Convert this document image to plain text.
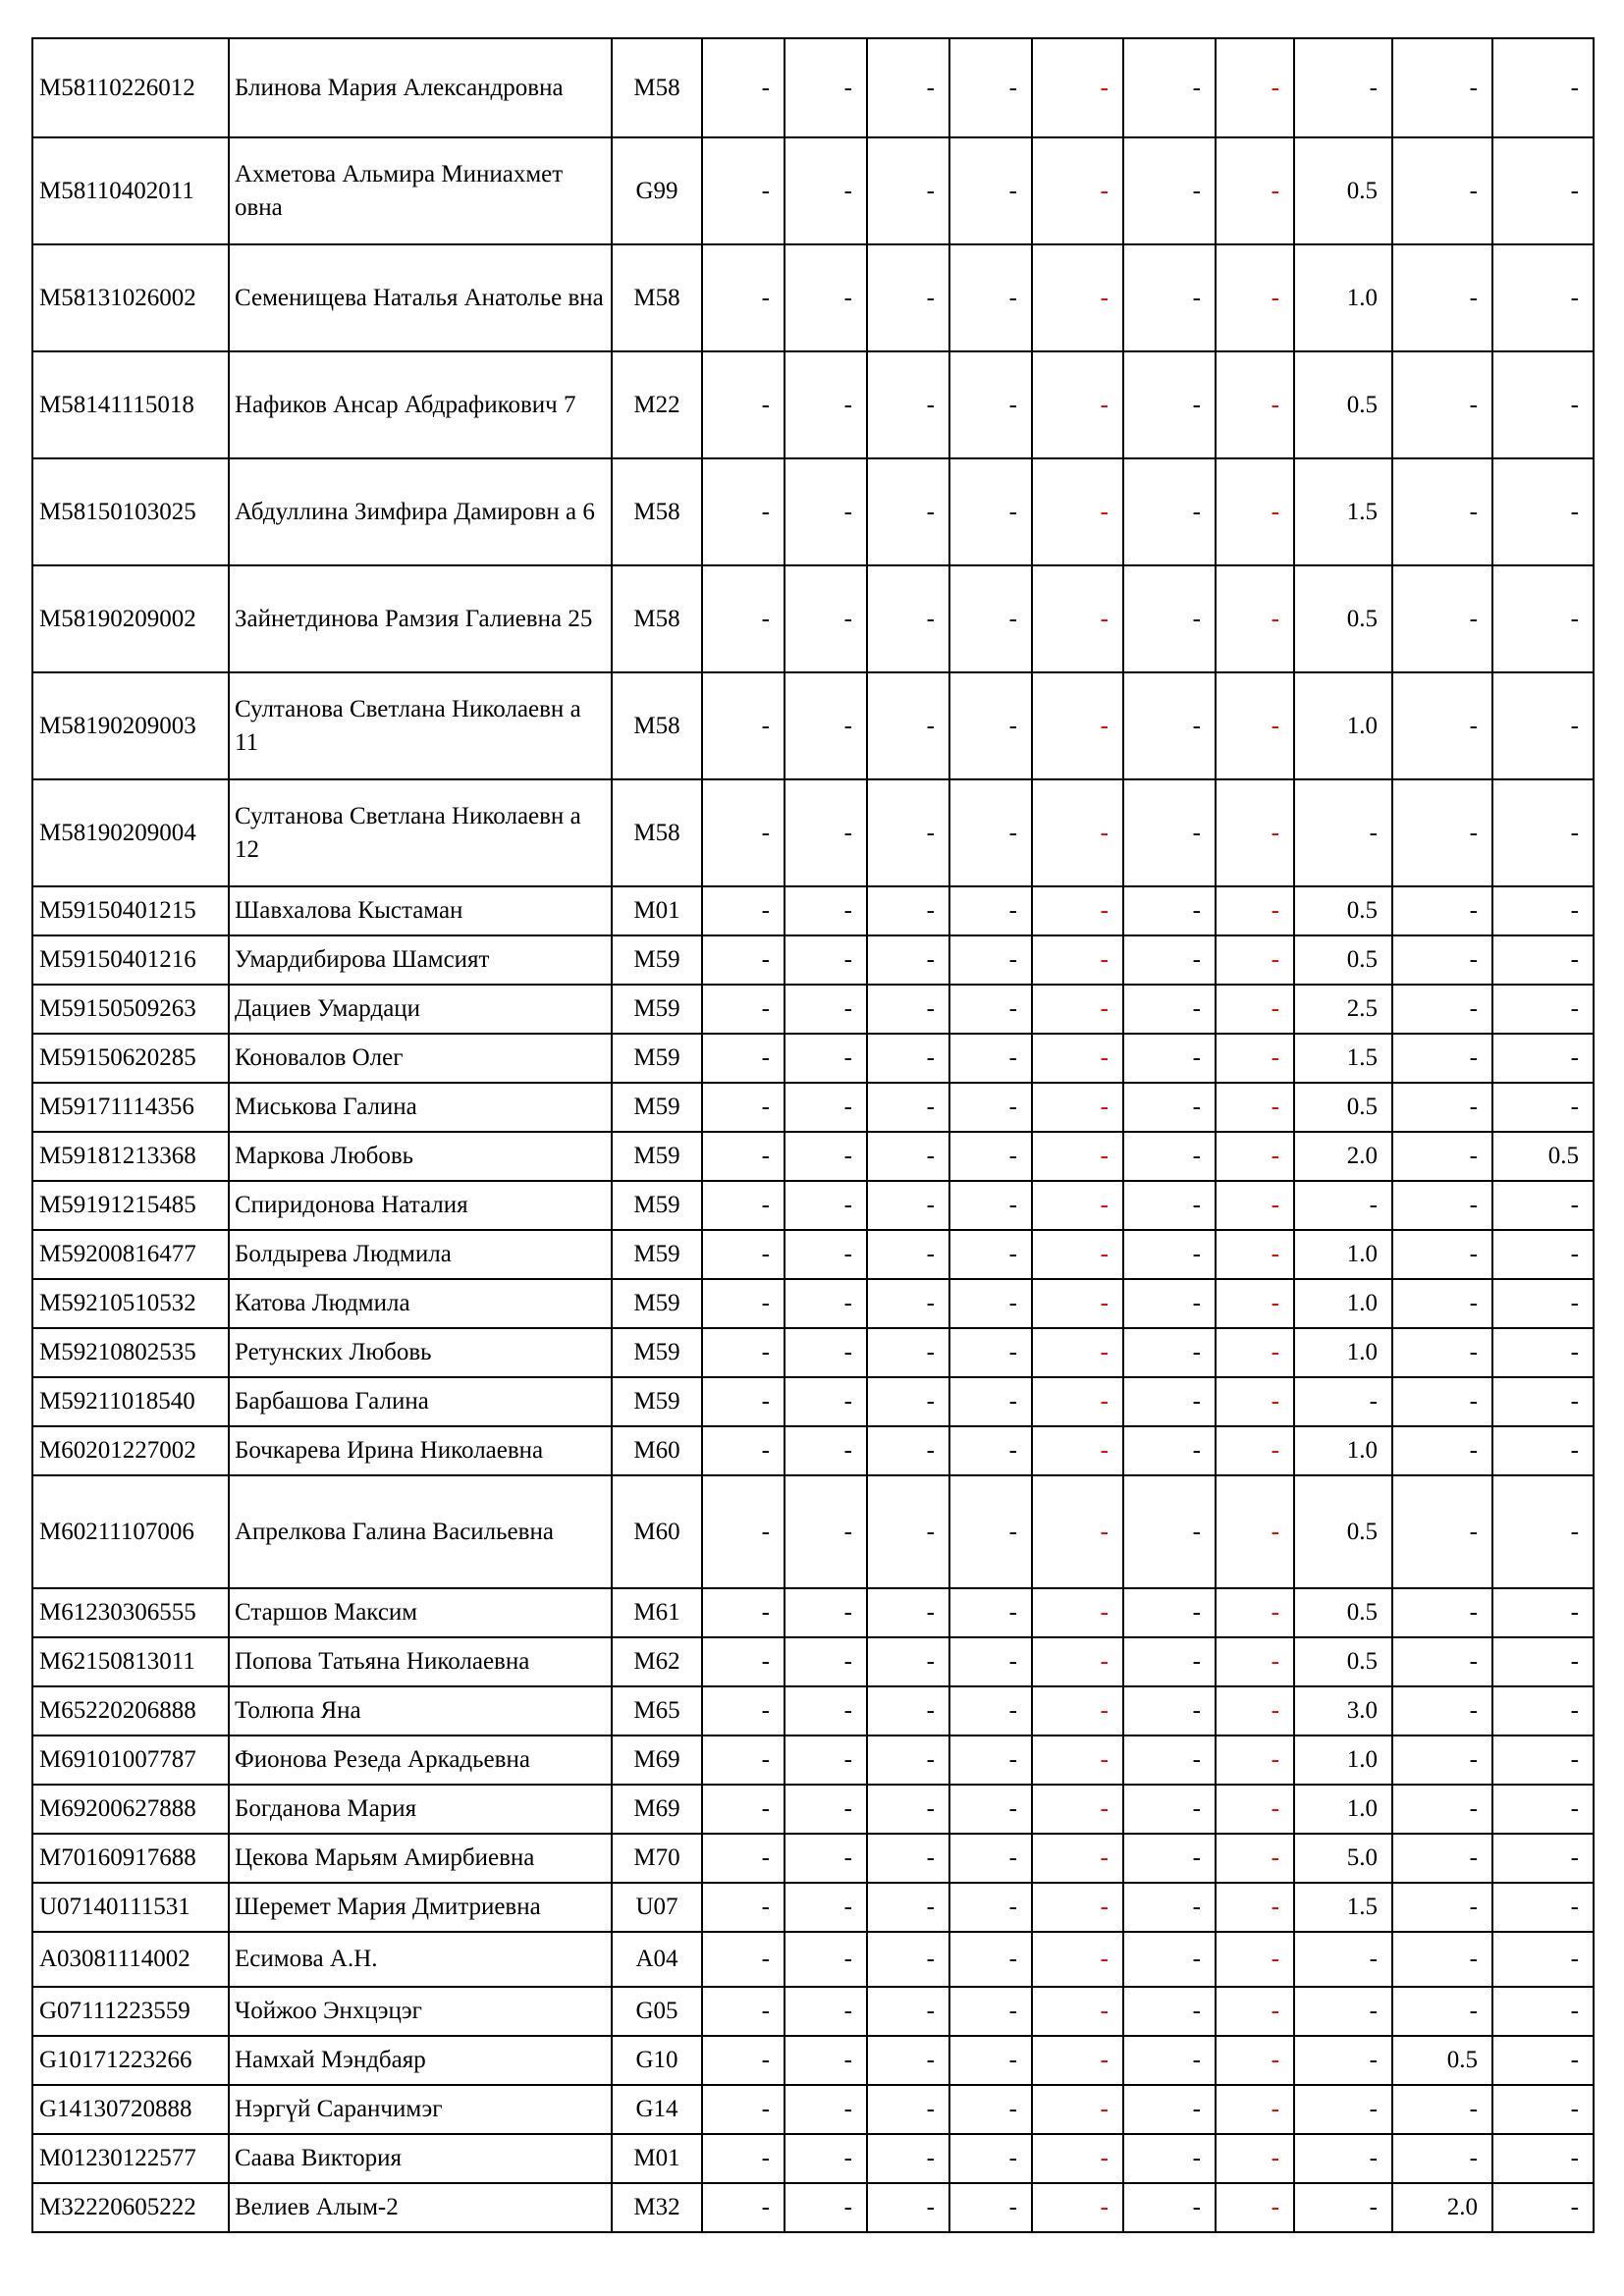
M58110226012	Блинова Мария Александровна	M58	-	-	-	-	-	-	-	-	-	-
M58110402011	Ахметова Альмира Миниахмет овна	G99	-	-	-	-	-	-	-	0.5	-	-
M58131026002	Семенищева Наталья Анатолье вна	M58	-	-	-	-	-	-	-	1.0	-	-
M58141115018	Нафиков Ансар Абдрафикович 7	M22	-	-	-	-	-	-	-	0.5	-	-
M58150103025	Абдуллина Зимфира Дамировн а 6	M58	-	-	-	-	-	-	-	1.5	-	-
M58190209002	Зайнетдинова Рамзия Галиевна 25	M58	-	-	-	-	-	-	-	0.5	-	-
M58190209003	Султанова Светлана Николаевн а 11	M58	-	-	-	-	-	-	-	1.0	-	-
M58190209004	Султанова Светлана Николаевн а 12	M58	-	-	-	-	-	-	-	-	-	-
M59150401215	Шавхалова Кыстаман	M01	-	-	-	-	-	-	-	0.5	-	-
M59150401216	Умардибирова Шамсият	M59	-	-	-	-	-	-	-	0.5	-	-
M59150509263	Дациев Умардаци	M59	-	-	-	-	-	-	-	2.5	-	-
M59150620285	Коновалов Олег	M59	-	-	-	-	-	-	-	1.5	-	-
M59171114356	Миськова Галина	M59	-	-	-	-	-	-	-	0.5	-	-
M59181213368	Маркова Любовь	M59	-	-	-	-	-	-	-	2.0	-	0.5
M59191215485	Спиридонова Наталия	M59	-	-	-	-	-	-	-	-	-	-
M59200816477	Болдырева Людмила	M59	-	-	-	-	-	-	-	1.0	-	-
M59210510532	Катова Людмила	M59	-	-	-	-	-	-	-	1.0	-	-
M59210802535	Ретунских Любовь	M59	-	-	-	-	-	-	-	1.0	-	-
M59211018540	Барбашова Галина	M59	-	-	-	-	-	-	-	-	-	-
M60201227002	Бочкарева Ирина Николаевна	M60	-	-	-	-	-	-	-	1.0	-	-
M60211107006	Апрелкова Галина Васильевна	M60	-	-	-	-	-	-	-	0.5	-	-
M61230306555	Старшов Максим	M61	-	-	-	-	-	-	-	0.5	-	-
M62150813011	Попова Татьяна Николаевна	M62	-	-	-	-	-	-	-	0.5	-	-
M65220206888	Толюпа Яна	M65	-	-	-	-	-	-	-	3.0	-	-
M69101007787	Фионова Резеда Аркадьевна	M69	-	-	-	-	-	-	-	1.0	-	-
M69200627888	Богданова Мария	M69	-	-	-	-	-	-	-	1.0	-	-
M70160917688	Цекова Марьям Амирбиевна	M70	-	-	-	-	-	-	-	5.0	-	-
U07140111531	Шеремет Мария Дмитриевна	U07	-	-	-	-	-	-	-	1.5	-	-
A03081114002	Есимова А.Н.	A04	-	-	-	-	-	-	-	-	-	-
G07111223559	Чойжоо Энхцэцэг	G05	-	-	-	-	-	-	-	-	-	-
G10171223266	Намхай Мэндбаяр	G10	-	-	-	-	-	-	-	-	0.5	-
G14130720888	Нэргүй Саранчимэг	G14	-	-	-	-	-	-	-	-	-	-
M01230122577	Саава Виктория	M01	-	-	-	-	-	-	-	-	-	-
M32220605222	Велиев Алым-2	M32	-	-	-	-	-	-	-	-	2.0	-
